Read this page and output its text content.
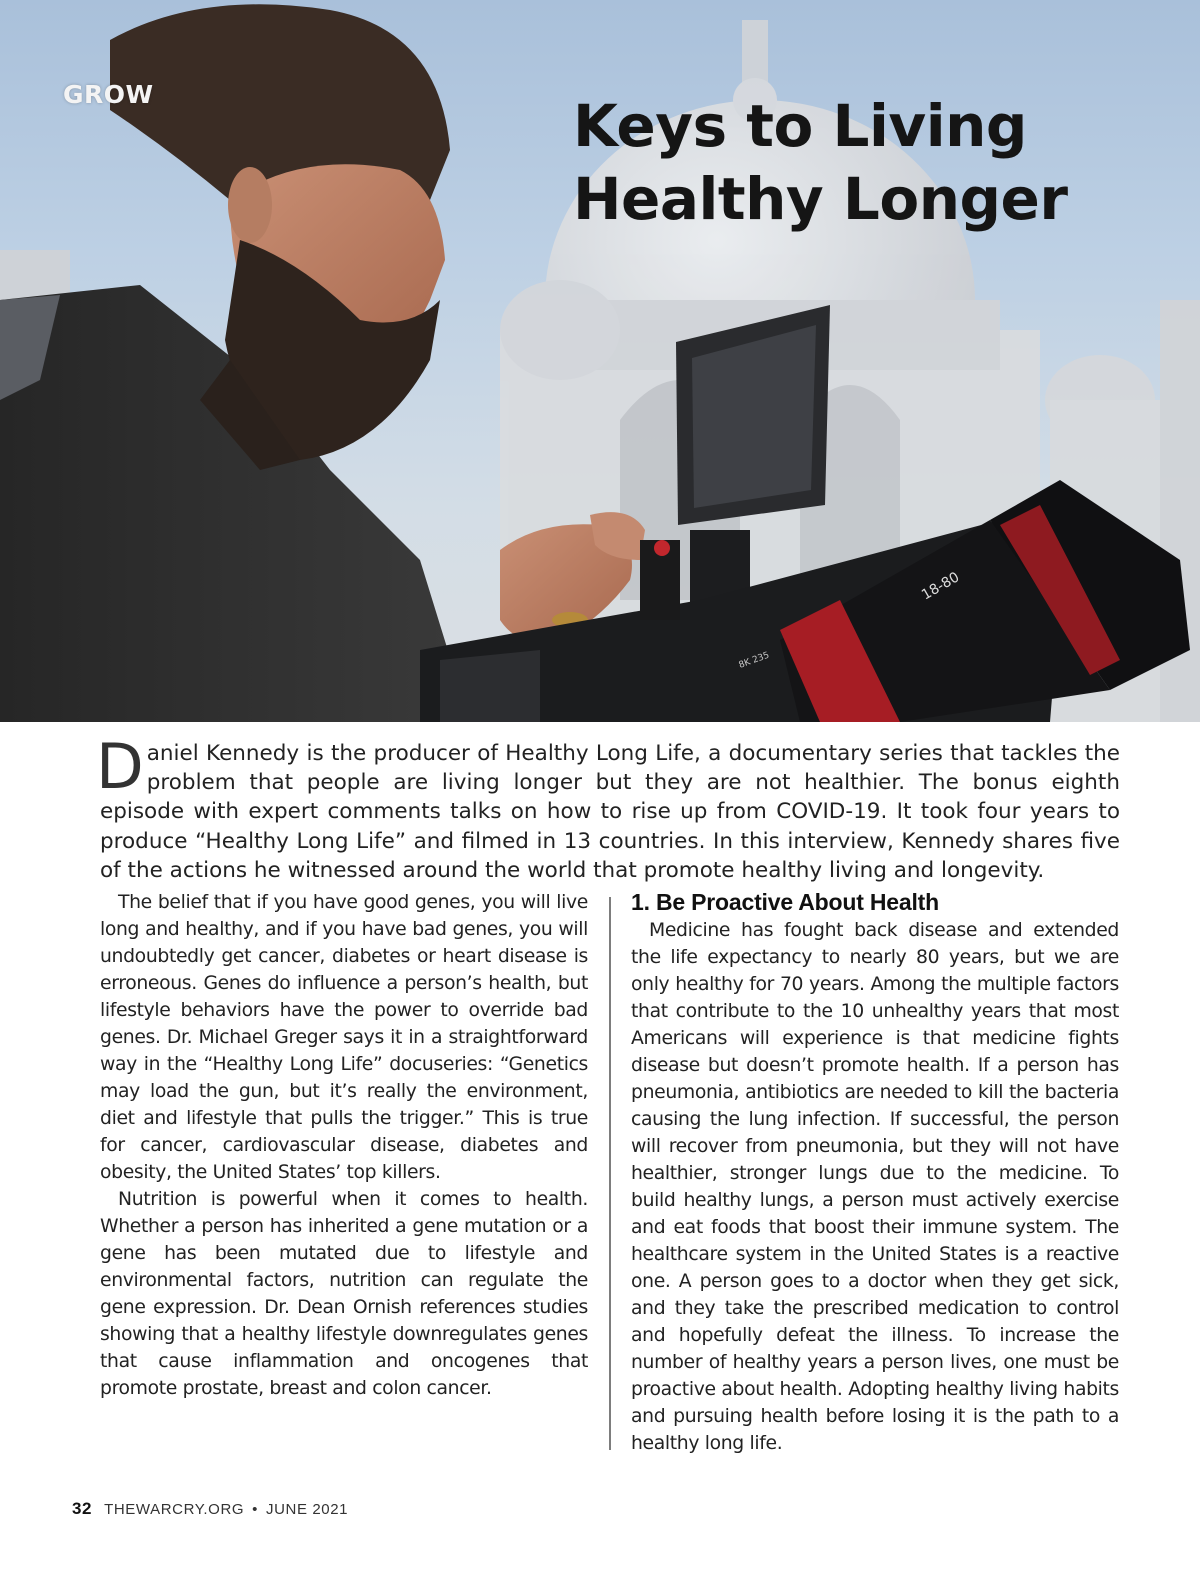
18-80
8K 235
GROW	Keys to Living
Healthy Longer

Daniel Kennedy is the producer of Healthy Long Life, a documentary series that tackles the problem that people are living longer but they are not healthier. The bonus eighth episode with expert comments talks on how to rise up from COVID-19. It took four years to produce “Healthy Long Life” and filmed in 13 countries. In this interview, Kennedy shares five of the actions he witnessed around the world that promote healthy living and longevity.

The belief that if you have good genes, you will live long and healthy, and if you have bad genes, you will undoubtedly get cancer, diabetes or heart disease is erroneous. Genes do influence a person’s health, but lifestyle behaviors have the power to override bad genes. Dr. Michael Greger says it in a straightforward way in the “Healthy Long Life” docuseries: “Genetics may load the gun, but it’s really the environment, diet and lifestyle that pulls the trigger.” This is true for cancer, cardiovascular disease, diabetes and obesity, the United States’ top killers.

Nutrition is powerful when it comes to health. Whether a person has inherited a gene mutation or a gene has been mutated due to lifestyle and environmental factors, nutrition can regulate the gene expression. Dr. Dean Ornish references studies showing that a healthy lifestyle downregulates genes that cause inflammation and oncogenes that promote prostate, breast and colon cancer.

1. Be Proactive About Health

Medicine has fought back disease and extended the life expectancy to nearly 80 years, but we are only healthy for 70 years. Among the multiple factors that contribute to the 10 unhealthy years that most Americans will experience is that medicine fights disease but doesn’t promote health. If a person has pneumonia, antibiotics are needed to kill the bacteria causing the lung infection. If successful, the person will recover from pneumonia, but they will not have healthier, stronger lungs due to the medicine. To build healthy lungs, a person must actively exercise and eat foods that boost their immune system. The healthcare system in the United States is a reactive one. A person goes to a doctor when they get sick, and they take the prescribed medication to control and hopefully defeat the illness. To increase the number of healthy years a person lives, one must be proactive about health. Adopting healthy living habits and pursuing health before losing it is the path to a healthy long life.

32 THEWARCRY.ORG • JUNE 2021
